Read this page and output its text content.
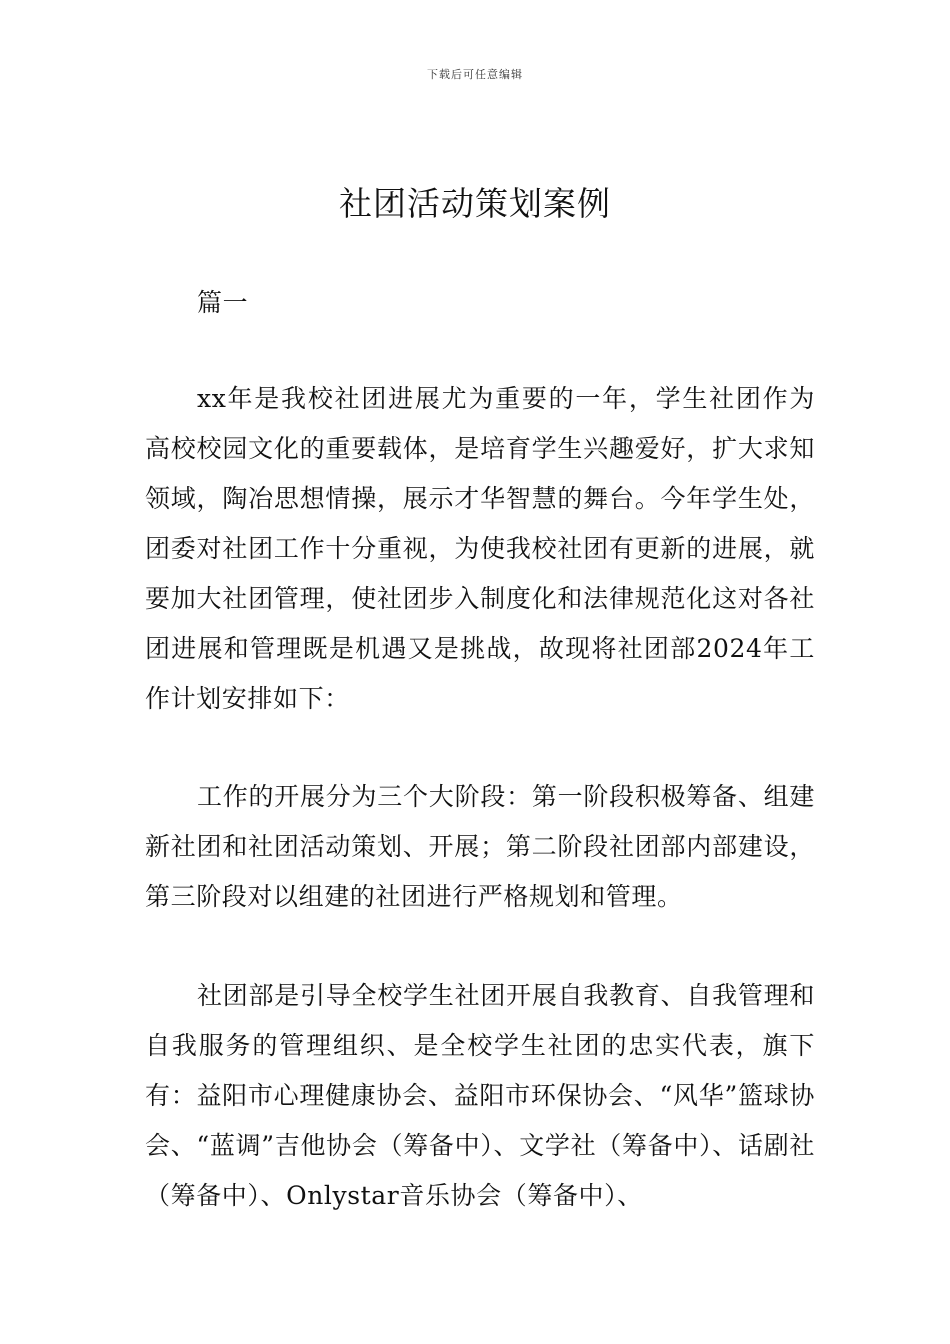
下载后可任意编辑
社团活动策划案例
篇一

xx年是我校社团进展尤为重要的一年，学生社团作为高校校园文化的重要载体，是培育学生兴趣爱好，扩大求知领域，陶冶思想情操，展示才华智慧的舞台。今年学生处，团委对社团工作十分重视，为使我校社团有更新的进展，就要加大社团管理，使社团步入制度化和法律规范化这对各社团进展和管理既是机遇又是挑战，故现将社团部2024年工作计划安排如下：

工作的开展分为三个大阶段：第一阶段积极筹备、组建新社团和社团活动策划、开展；第二阶段社团部内部建设，第三阶段对以组建的社团进行严格规划和管理。

社团部是引导全校学生社团开展自我教育、自我管理和自我服务的管理组织、是全校学生社团的忠实代表，旗下有：益阳市心理健康协会、益阳市环保协会、“风华”篮球协会、“蓝调”吉他协会（筹备中）、文学社（筹备中）、话剧社（筹备中）、Onlystar音乐协会（筹备中）、
